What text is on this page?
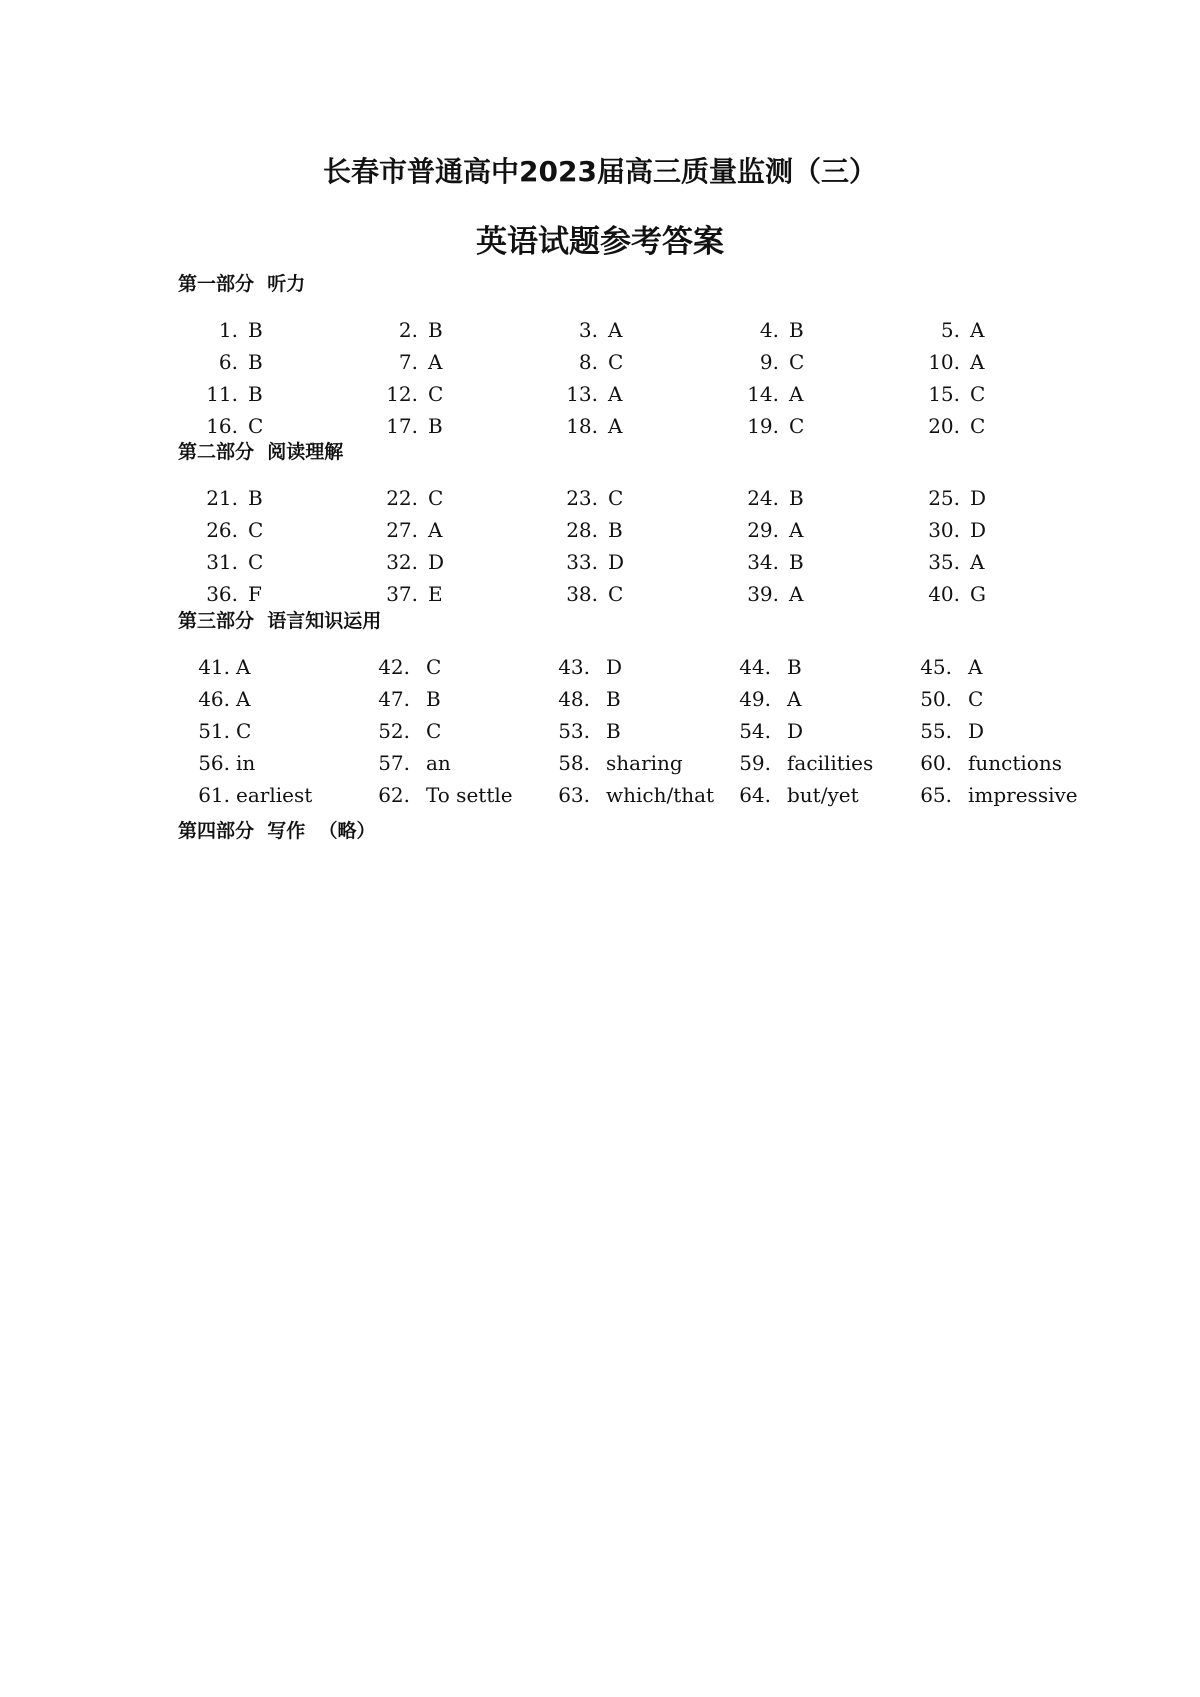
长春市普通高中2023届高三质量监测（三）
英语试题参考答案
第一部分  听力
1. B	2. B	3. A	4. B	5. A
6. B	7. A	8. C	9. C	10. A
11. B	12. C	13. A	14. A	15. C
16. C	17. B	18. A	19. C	20. C
第二部分  阅读理解
21. B	22. C	23. C	24. B	25. D
26. C	27. A	28. B	29. A	30. D
31. C	32. D	33. D	34. B	35. A
36. F	37. E	38. C	39. A	40. G
第三部分  语言知识运用
41. A	42. C	43. D	44. B	45. A
46. A	47. B	48. B	49. A	50. C
51. C	52. C	53. B	54. D	55. D
56. in	57. an	58. sharing	59. facilities	60. functions
61. earliest	62. To settle	63. which/that	64. but/yet	65. impressive
第四部分  写作  （略）
